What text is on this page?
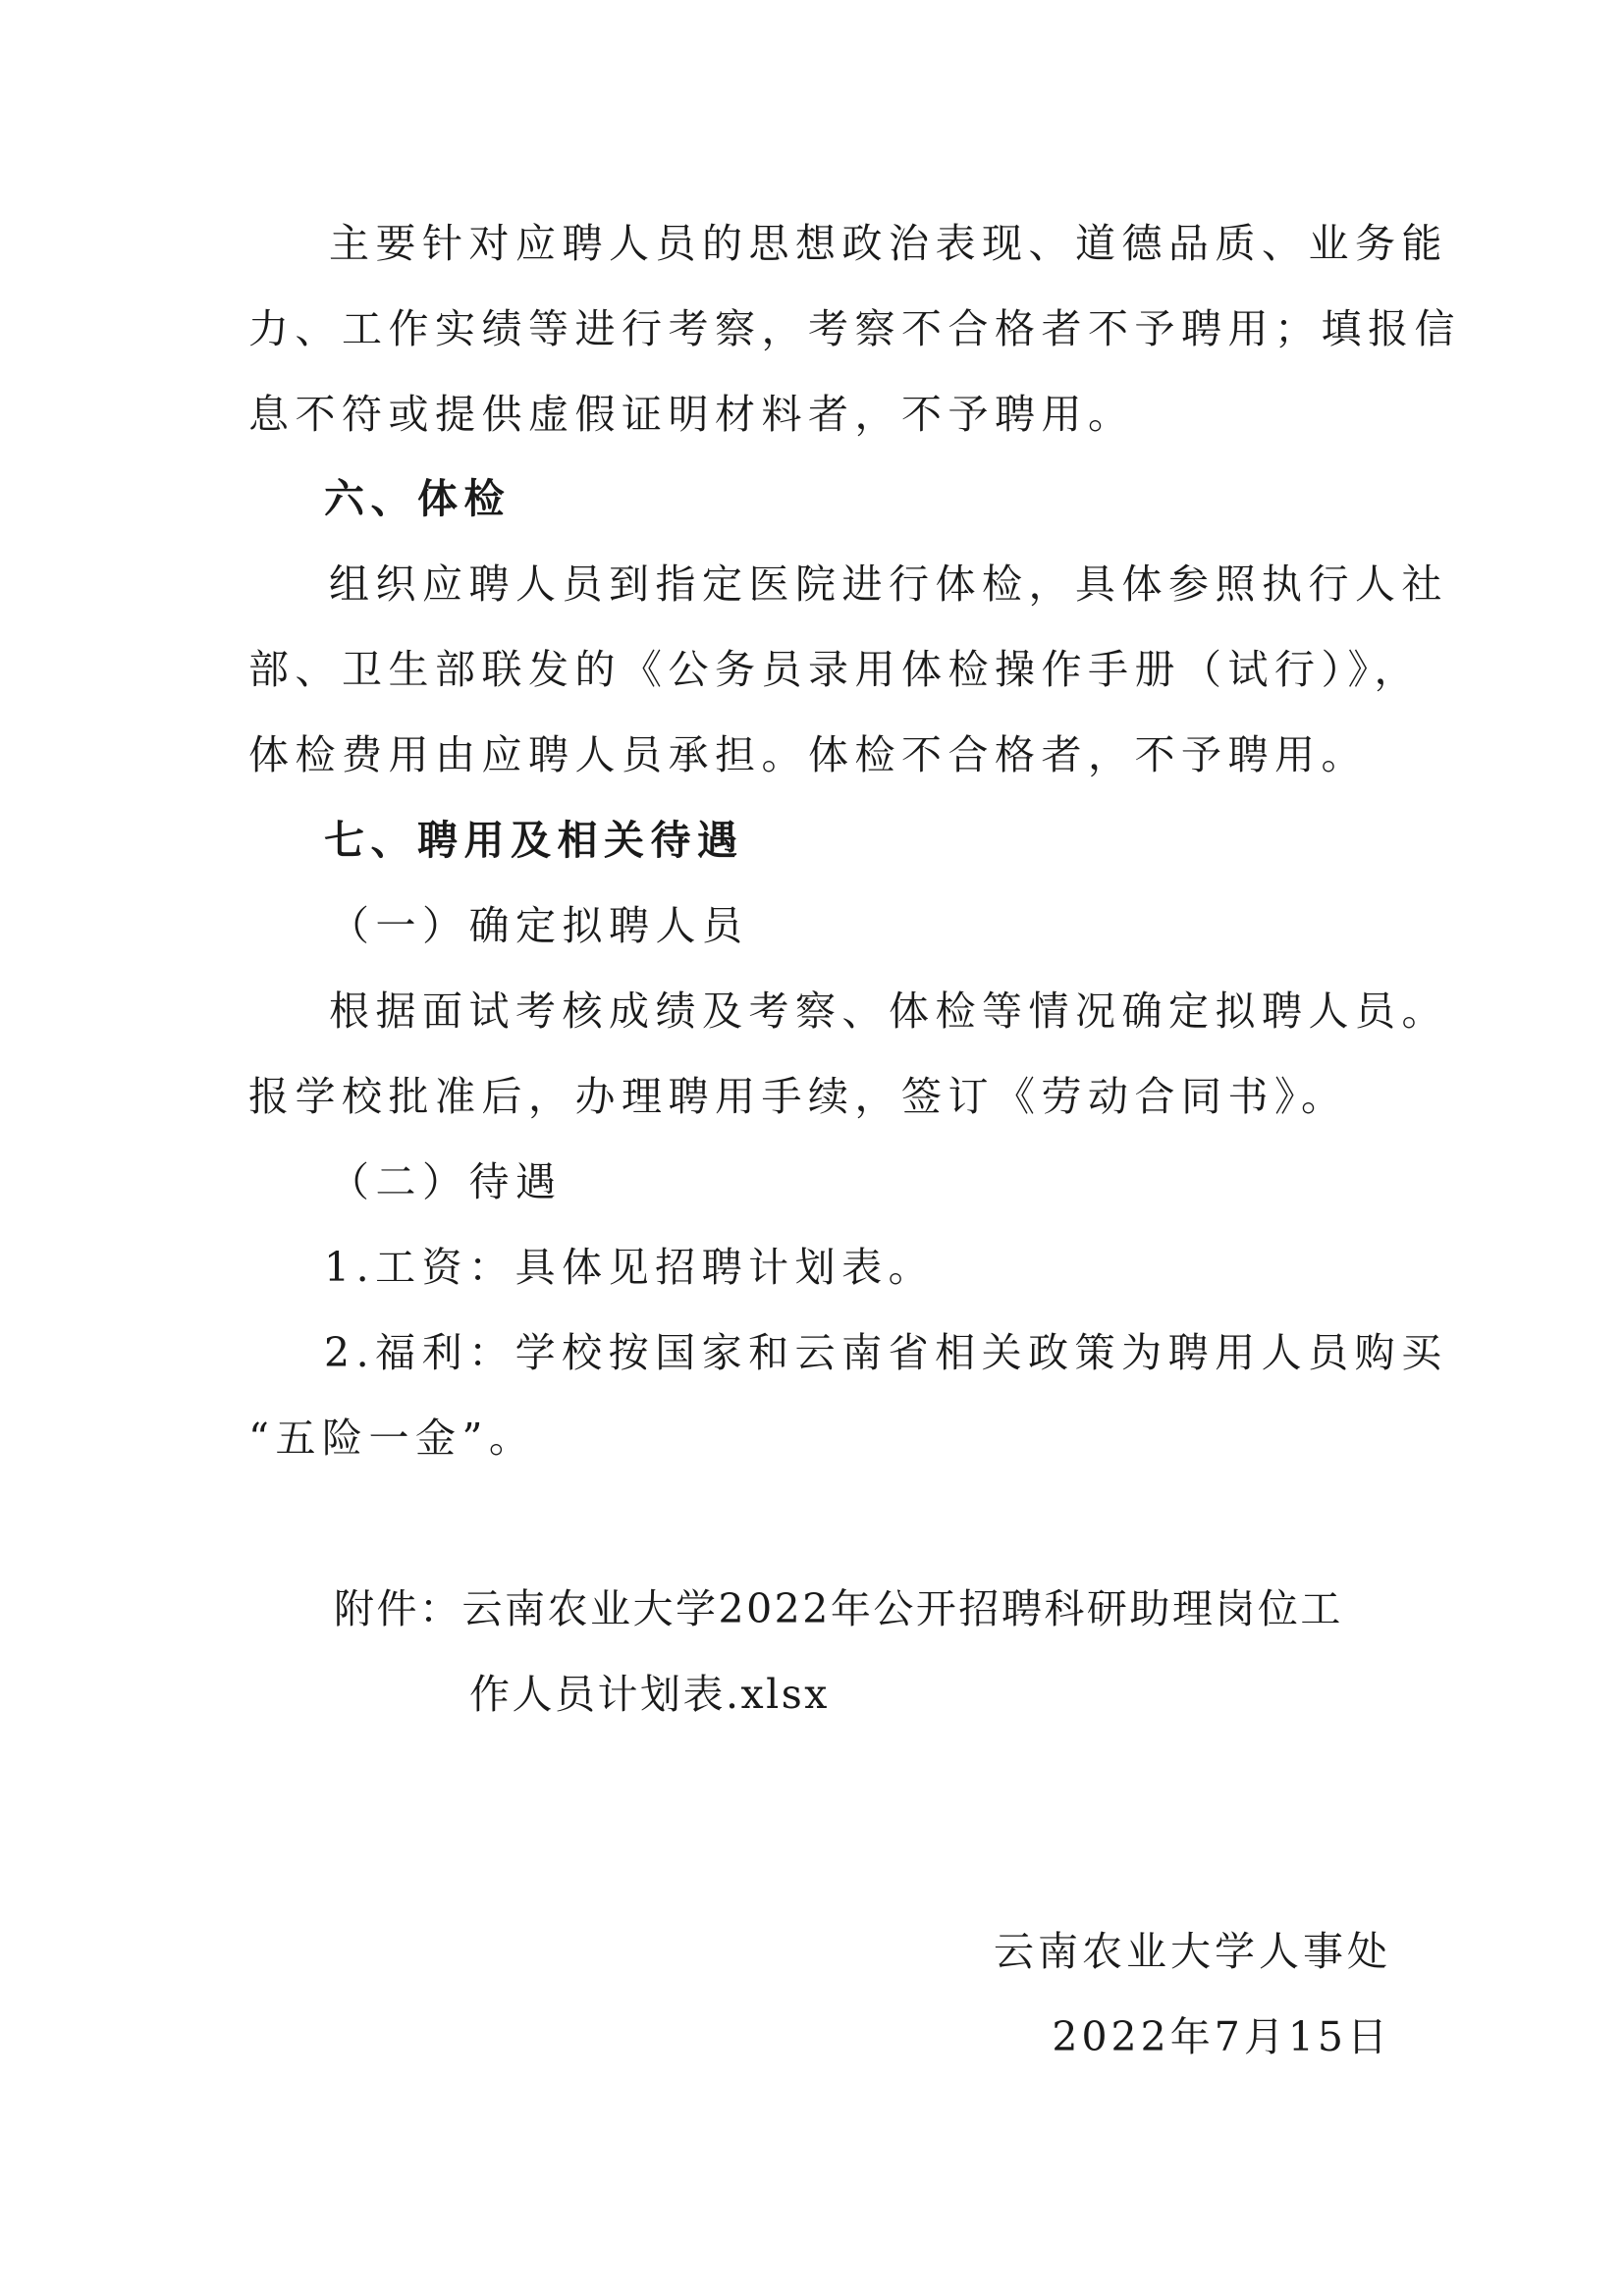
主要针对应聘人员的思想政治表现、道德品质、业务能
力、工作实绩等进行考察，考察不合格者不予聘用；填报信
息不符或提供虚假证明材料者，不予聘用。
六、体检
组织应聘人员到指定医院进行体检，具体参照执行人社
部、卫生部联发的《公务员录用体检操作手册（试行）》，
体检费用由应聘人员承担。体检不合格者，不予聘用。
七、聘用及相关待遇
（一）确定拟聘人员
根据面试考核成绩及考察、体检等情况确定拟聘人员。
报学校批准后，办理聘用手续，签订《劳动合同书》。
（二）待遇
1.工资：具体见招聘计划表。
2.福利：学校按国家和云南省相关政策为聘用人员购买
“五险一金”。
附件：云南农业大学2022年公开招聘科研助理岗位工
作人员计划表.xlsx
云南农业大学人事处
2022年7月15日
